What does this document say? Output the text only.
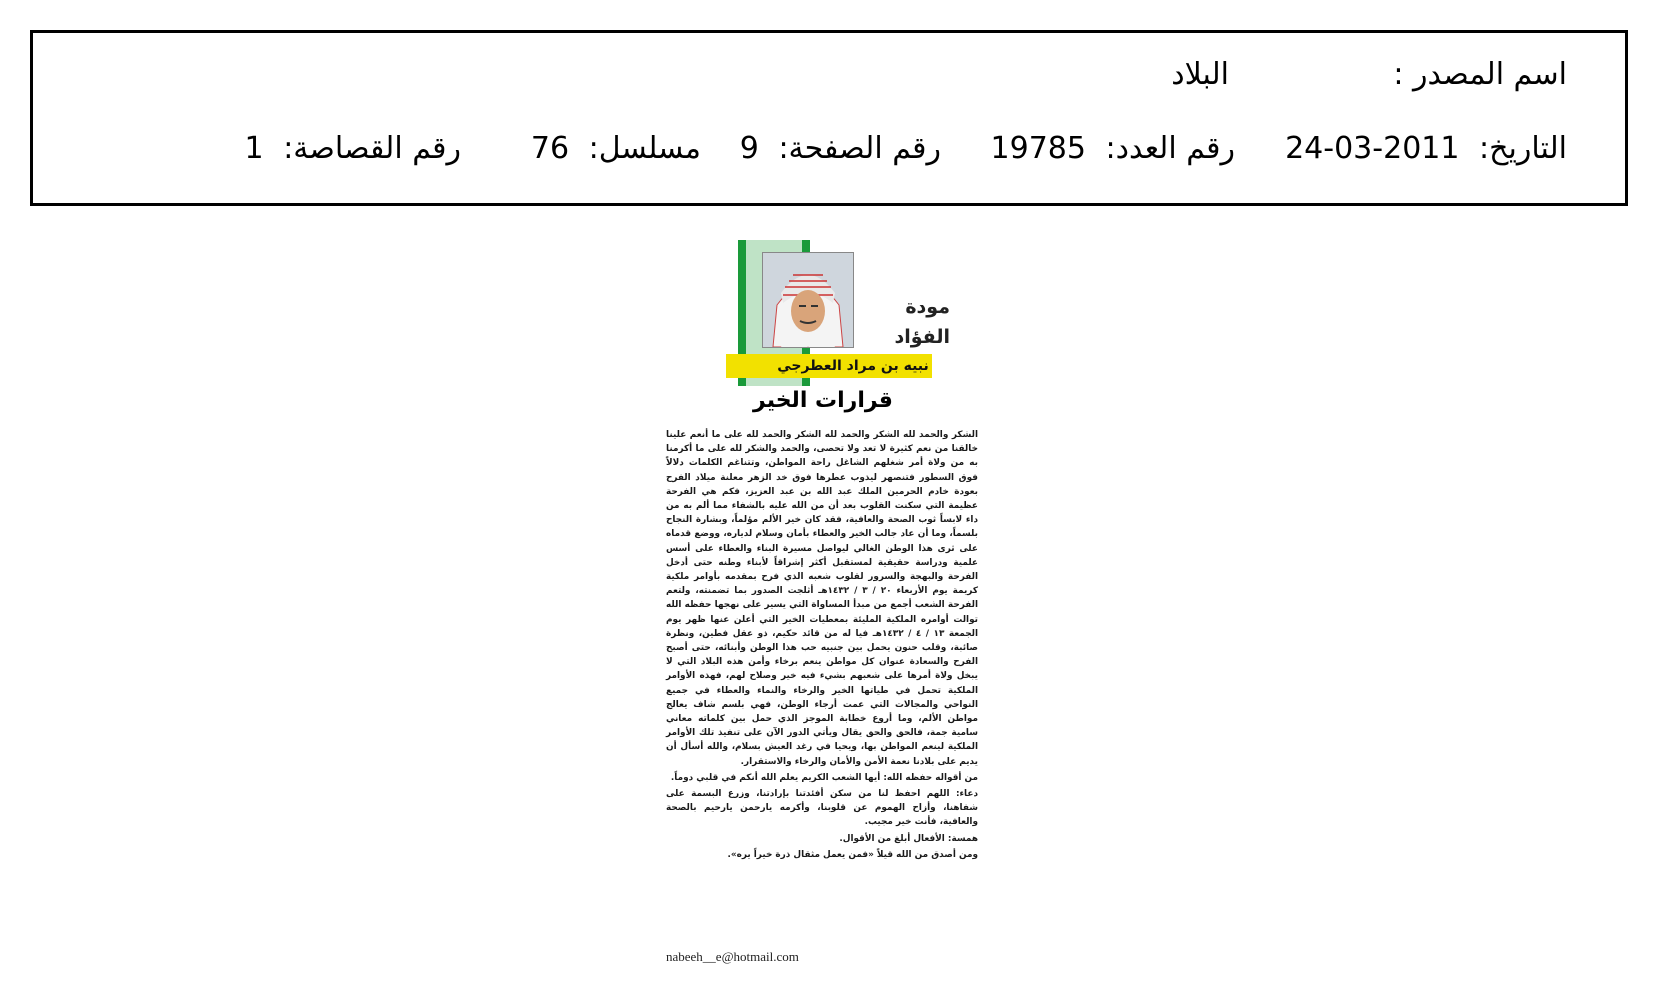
اسم المصدر :
البلاد
التاريخ: 2011-03-24
رقم العدد: 19785
رقم الصفحة: 9
مسلسل: 76
رقم القصاصة: 1
نبيه بن مراد العطرجي
مودة
الفؤاد
قرارات الخير

الشكر والحمد لله الشكر والحمد لله الشكر والحمد لله على ما أنعم علينا خالقنا من نعم كثيرة لا تعد ولا تحصى، والحمد والشكر لله على ما أكرمنا به من ولاة أمر شغلهم الشاغل راحة المواطن، وتتناغم الكلمات دلالاً فوق السطور فتنصهر ليذوب عطرها فوق خد الزهر معلنة ميلاد الفرح بعودة خادم الحرمين الملك عبد الله بن عبد العزيز، فكم هي الفرحة عظيمة التي سكنت القلوب بعد أن من الله عليه بالشفاء مما ألم به من داء لابساً ثوب الصحة والعافية، فقد كان خير الألم مؤلماً، وبشارة النجاح بلسماً، وما أن عاد جالب الخير والعطاء بأمان وسلام لدياره، ووضع قدماه على ثرى هذا الوطن الغالي ليواصل مسيرة البناء والعطاء على أسس علمية ودراسة حقيقية لمستقبل أكثر إشراقاً لأبناء وطنه حتى أدخل الفرحة والبهجة والسرور لقلوب شعبه الذي فرح بمقدمه بأوامر ملكية كريمة يوم الأربعاء ٢٠ / ٣ / ١٤٣٢هـ أثلجت الصدور بما تضمنته، ولتعم الفرحة الشعب أجمع من مبدأ المساواة التي يسير على نهجها حفظه الله توالت أوامره الملكية المليئة بمعطيات الخير التي أعلن عنها ظهر يوم الجمعة ١٣ / ٤ / ١٤٣٢هـ فيا له من قائد حكيم، ذو عقل فطين، ونظرة صائبة، وقلب حنون يحمل بين جنبيه حب هذا الوطن وأبنائه، حتى أصبح الفرح والسعادة عنوان كل مواطن ينعم برخاء وأمن هذه البلاد التي لا يبخل ولاة أمرها على شعبهم بشيء فيه خير وصلاح لهم، فهذه الأوامر الملكية تحمل في طياتها الخير والرخاء والنماء والعطاء في جميع النواحي والمجالات التي عمت أرجاء الوطن، فهي بلسم شاف يعالج مواطن الألم، وما أروع خطابة الموجز الذي حمل بين كلماته معاني سامية جمة، فالحق والحق يقال ويأتي الدور الآن على تنفيذ تلك الأوامر الملكية لينعم المواطن بها، ويحيا في رغد العيش بسلام، والله أسأل أن يديم على بلادنا نعمة الأمن والأمان والرخاء والاستقرار.

من أقواله حفظه الله: أيها الشعب الكريم يعلم الله أنكم في قلبي دوماً.

دعاء: اللهم احفظ لنا من سكن أفئدتنا بإرادتنا، وزرع البسمة على شفاهنا، وأزاح الهموم عن قلوبنا، وأكرمه يارحمن يارحيم بالصحة والعافية، فأنت خير مجيب.

همسة: الأفعال أبلغ من الأقوال.

ومن أصدق من الله قيلاً «فمن يعمل مثقال ذرة خيراً يره».

nabeeh__e@hotmail.com
